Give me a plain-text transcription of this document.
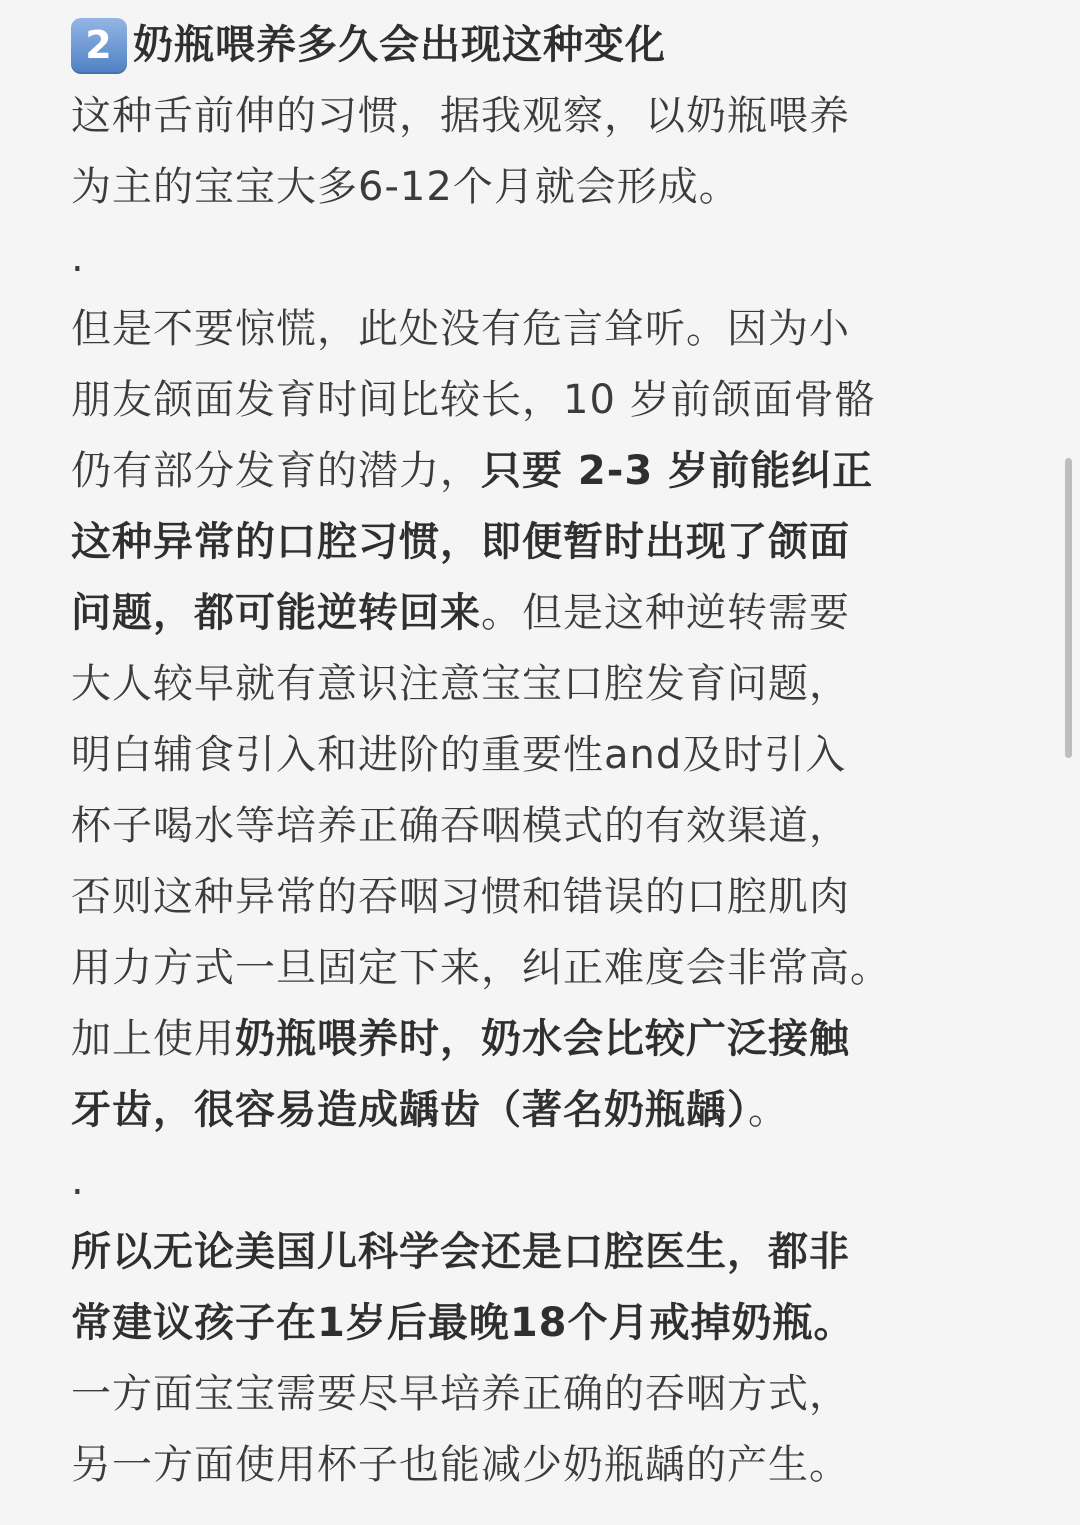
2 奶瓶喂养多久会出现这种变化
这种舌前伸的习惯，据我观察，以奶瓶喂养
为主的宝宝大多6-12个月就会形成。
.
但是不要惊慌，此处没有危言耸听。因为小
朋友颌面发育时间比较长，10 岁前颌面骨骼
仍有部分发育的潜力，只要 2-3 岁前能纠正
这种异常的口腔习惯，即便暂时出现了颌面
问题，都可能逆转回来。但是这种逆转需要
大人较早就有意识注意宝宝口腔发育问题，
明白辅食引入和进阶的重要性and及时引入
杯子喝水等培养正确吞咽模式的有效渠道，
否则这种异常的吞咽习惯和错误的口腔肌肉
用力方式一旦固定下来，纠正难度会非常高。
加上使用奶瓶喂养时，奶水会比较广泛接触
牙齿，很容易造成龋齿（著名奶瓶龋）。
.
所以无论美国儿科学会还是口腔医生，都非
常建议孩子在1岁后最晚18个月戒掉奶瓶。
一方面宝宝需要尽早培养正确的吞咽方式，
另一方面使用杯子也能减少奶瓶龋的产生。
